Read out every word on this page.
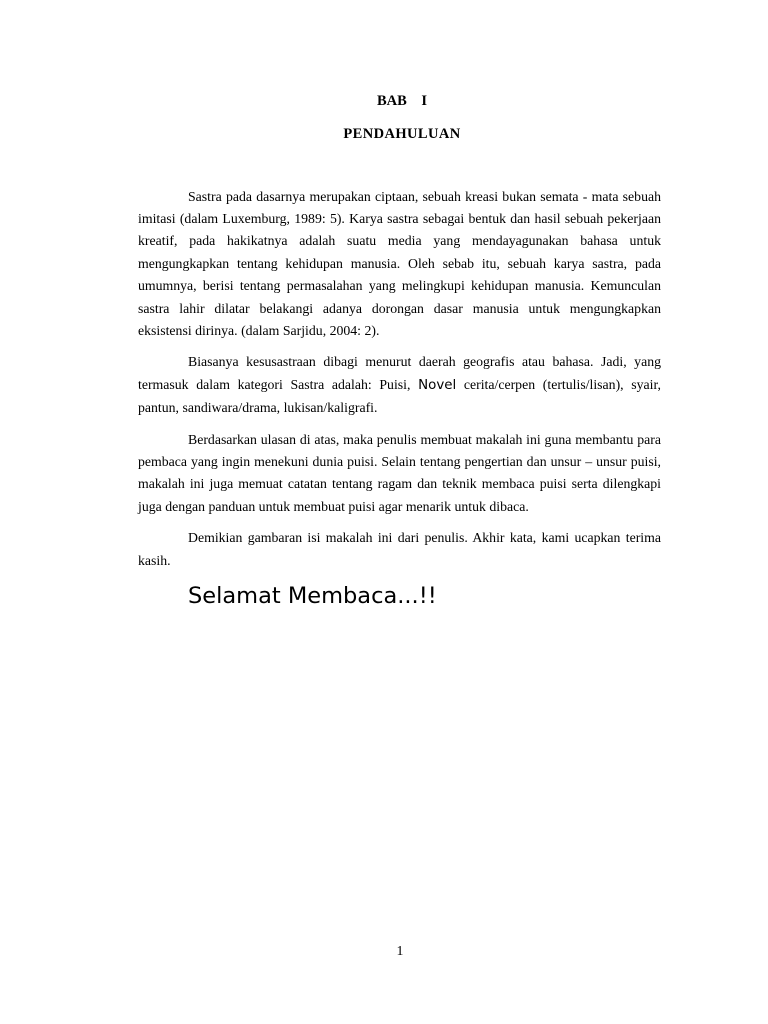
BAB I
PENDAHULUAN
Sastra pada dasarnya merupakan ciptaan, sebuah kreasi bukan semata - mata sebuah
imitasi (dalam Luxemburg, 1989: 5). Karya sastra sebagai bentuk dan hasil sebuah pekerjaan
kreatif, pada hakikatnya adalah suatu media yang mendayagunakan bahasa untuk
mengungkapkan tentang kehidupan manusia. Oleh sebab itu, sebuah karya sastra, pada
umumnya, berisi tentang permasalahan yang melingkupi kehidupan manusia. Kemunculan
sastra lahir dilatar belakangi adanya dorongan dasar manusia untuk mengungkapkan
eksistensi dirinya. (dalam Sarjidu, 2004: 2).
Biasanya kesusastraan dibagi menurut daerah geografis atau bahasa. Jadi, yang
termasuk dalam kategori Sastra adalah: Puisi, Novel cerita/cerpen (tertulis/lisan), syair,
pantun, sandiwara/drama, lukisan/kaligrafi.
Berdasarkan ulasan di atas, maka penulis membuat makalah ini guna membantu para
pembaca yang ingin menekuni dunia puisi. Selain tentang pengertian dan unsur – unsur puisi,
makalah ini juga memuat catatan tentang ragam dan teknik membaca puisi serta dilengkapi
juga dengan panduan untuk membuat puisi agar menarik untuk dibaca.
Demikian gambaran isi makalah ini dari penulis. Akhir kata, kami ucapkan terima
kasih.
Selamat Membaca...!!
1
